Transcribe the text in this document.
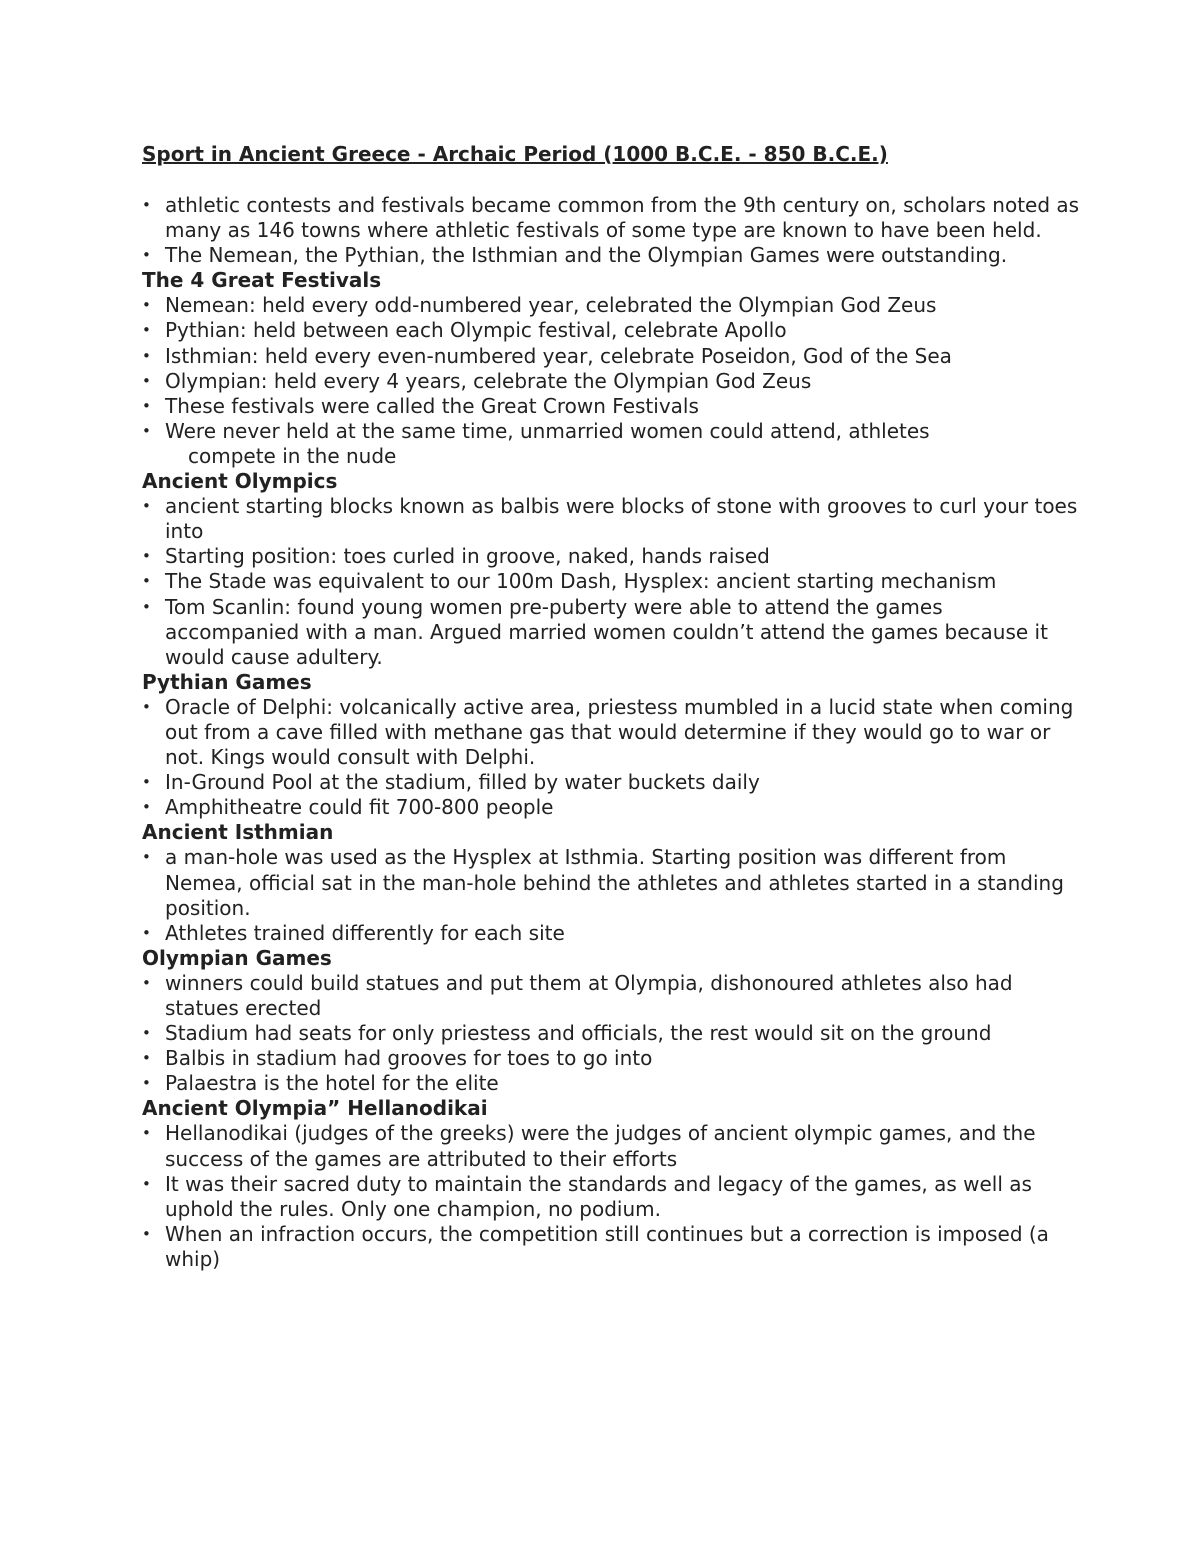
Sport in Ancient Greece - Archaic Period (1000 B.C.E. - 850 B.C.E.)
• athletic contests and festivals became common from the 9th century on, scholars noted as many as 146 towns where athletic festivals of some type are known to have been held.
• The Nemean, the Pythian, the Isthmian and the Olympian Games were outstanding.
The 4 Great Festivals
• Nemean: held every odd-numbered year, celebrated the Olympian God Zeus
• Pythian: held between each Olympic festival, celebrate Apollo
• Isthmian: held every even-numbered year, celebrate Poseidon, God of the Sea
• Olympian: held every 4 years, celebrate the Olympian God Zeus
• These festivals were called the Great Crown Festivals
• Were never held at the same time, unmarried women could attend, athletes
compete in the nude
Ancient Olympics
• ancient starting blocks known as balbis were blocks of stone with grooves to curl your toes into
• Starting position: toes curled in groove, naked, hands raised
• The Stade was equivalent to our 100m Dash, Hysplex: ancient starting mechanism
• Tom Scanlin: found young women pre-puberty were able to attend the games accompanied with a man. Argued married women couldn’t attend the games because it would cause adultery.
Pythian Games
• Oracle of Delphi: volcanically active area, priestess mumbled in a lucid state when coming out from a cave filled with methane gas that would determine if they would go to war or not. Kings would consult with Delphi.
• In-Ground Pool at the stadium, filled by water buckets daily
• Amphitheatre could fit 700-800 people
Ancient Isthmian
• a man-hole was used as the Hysplex at Isthmia. Starting position was different from Nemea, official sat in the man-hole behind the athletes and athletes started in a standing position.
• Athletes trained differently for each site
Olympian Games
• winners could build statues and put them at Olympia, dishonoured athletes also had statues erected
• Stadium had seats for only priestess and officials, the rest would sit on the ground
• Balbis in stadium had grooves for toes to go into
• Palaestra is the hotel for the elite
Ancient Olympia” Hellanodikai
• Hellanodikai (judges of the greeks) were the judges of ancient olympic games, and the success of the games are attributed to their efforts
• It was their sacred duty to maintain the standards and legacy of the games, as well as uphold the rules. Only one champion, no podium.
• When an infraction occurs, the competition still continues but a correction is imposed (a whip)
